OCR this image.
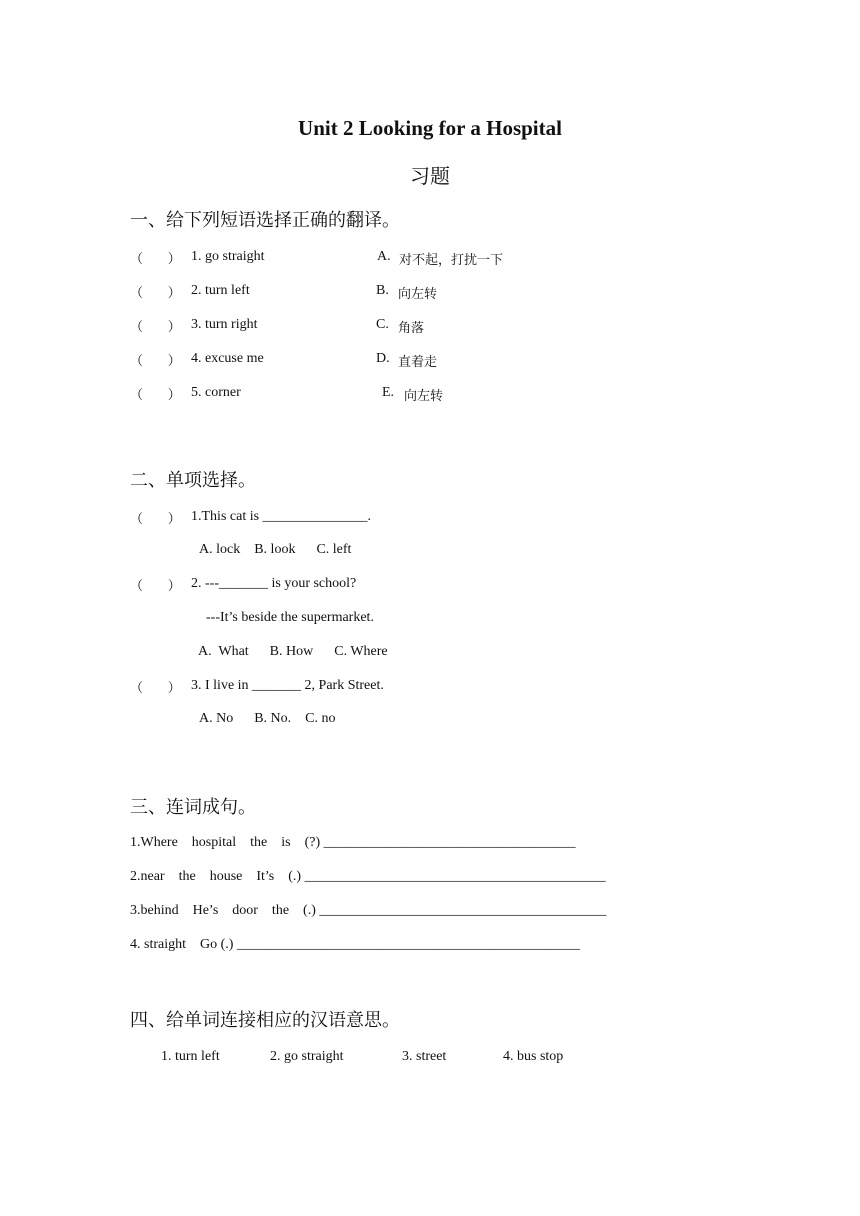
Unit 2 Looking for a Hospital
习题
一、给下列短语选择正确的翻译。
（      ） 1. go straight	A. 对不起，打扰一下
（      ） 2. turn left	B. 向左转
（      ） 3. turn right	C. 角落
（      ） 4. excuse me	D. 直着走
（      ） 5. corner	E. 向左转
二、单项选择。
（      ） 1.This cat is _______________.
A. lock    B. look      C. left
（      ） 2. ---_______ is your school?
---It’s beside the supermarket.
A.  What      B. How      C. Where
（      ） 3. I live in _______ 2, Park Street.
A. No      B. No.    C. no
三、连词成句。
1.Where    hospital    the    is    (?) ____________________________________
2.near    the    house    It’s    (.) ___________________________________________
3.behind    He’s    door    the    (.) _________________________________________
4. straight    Go (.) _________________________________________________
四、给单词连接相应的汉语意思。
1. turn left	2. go straight	3. street	4. bus stop
